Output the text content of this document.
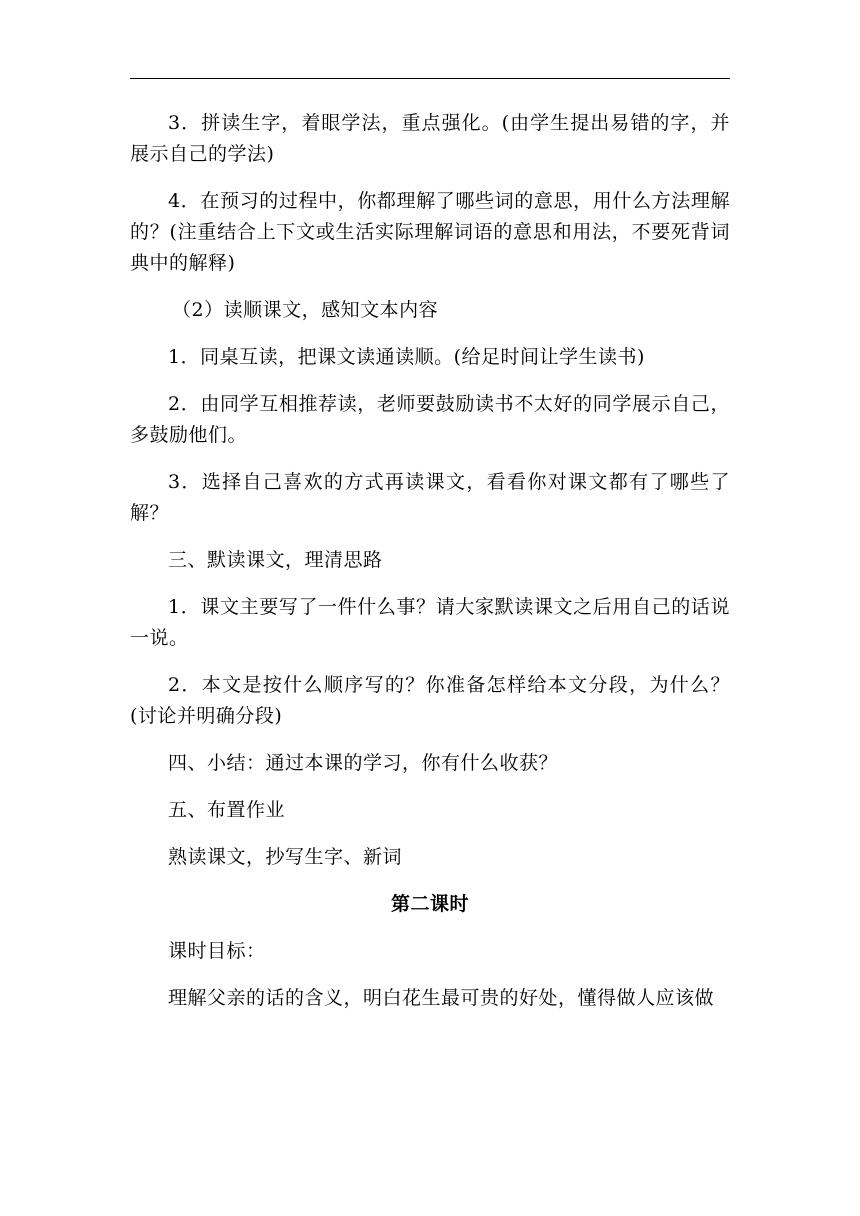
3．拼读生字，着眼学法，重点强化。(由学生提出易错的字，并展示自己的学法)

4．在预习的过程中，你都理解了哪些词的意思，用什么方法理解的？(注重结合上下文或生活实际理解词语的意思和用法，不要死背词典中的解释)

（2）读顺课文，感知文本内容

1．同桌互读，把课文读通读顺。(给足时间让学生读书)

2．由同学互相推荐读，老师要鼓励读书不太好的同学展示自己，多鼓励他们。

3．选择自己喜欢的方式再读课文，看看你对课文都有了哪些了解？

三、默读课文，理清思路

1．课文主要写了一件什么事？请大家默读课文之后用自己的话说一说。

2．本文是按什么顺序写的？你准备怎样给本文分段，为什么？(讨论并明确分段)

四、小结：通过本课的学习，你有什么收获？

五、布置作业

熟读课文，抄写生字、新词

第二课时

课时目标：

理解父亲的话的含义，明白花生最可贵的好处，懂得做人应该做
